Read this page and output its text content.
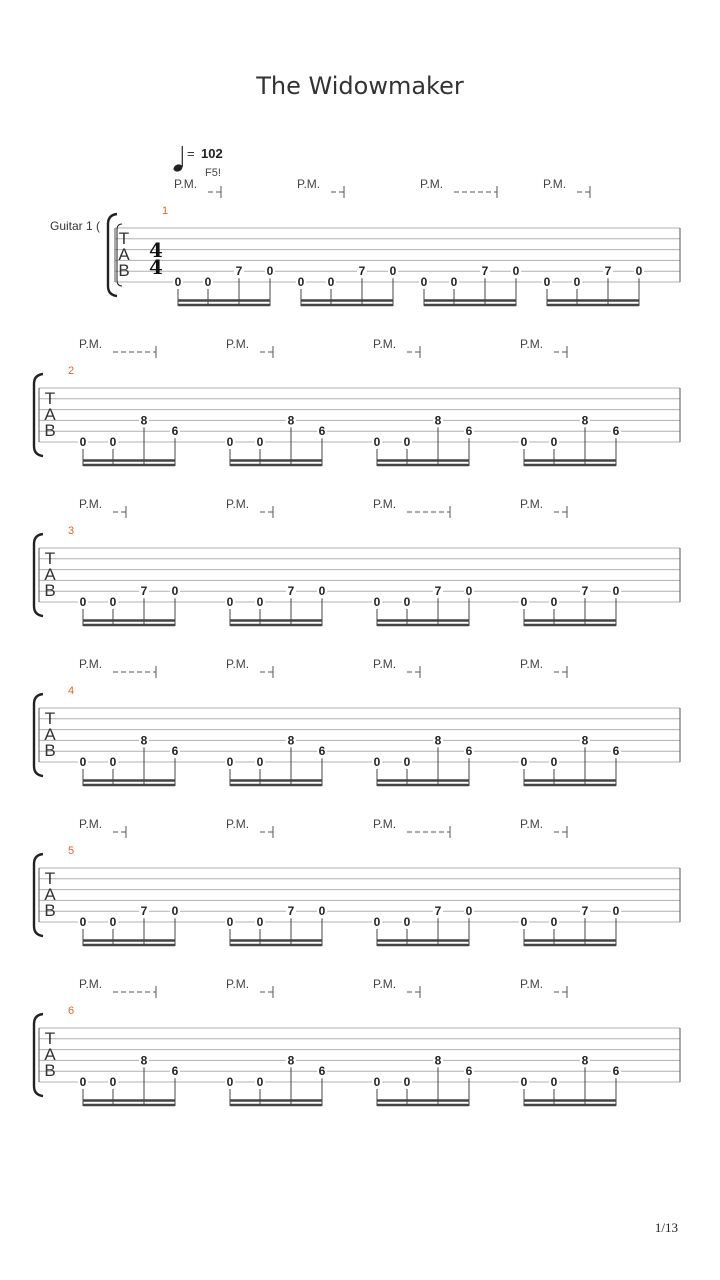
The Widowmaker
= 102
F5!
Guitar 1 (
1
T
A
B
4
4
P.M.	P.M.	P.M.	P.M.
0 0
7 0
0 0
7 0
0 0
7 0
0 0
7 0
2
T
A
B
P.M.	P.M.	P.M.	P.M.
0 0
8
6
0 0
8
6
0 0
8
6
0 0
8
6
3
T
A
B
P.M.	P.M.	P.M.	P.M.
0 0
7 0
0 0
7 0
0 0
7 0
0 0
7 0
4
T
A
B
P.M.	P.M.	P.M.	P.M.
0 0
8
6
0 0
8
6
0 0
8
6
0 0
8
6
5
T
A
B
P.M.	P.M.	P.M.	P.M.
0 0
7 0
0 0
7 0
0 0
7 0
0 0
7 0
6
T
A
B
P.M.	P.M.	P.M.	P.M.
0 0
8
6
0 0
8
6
0 0
8
6
0 0
8
6
1/13
